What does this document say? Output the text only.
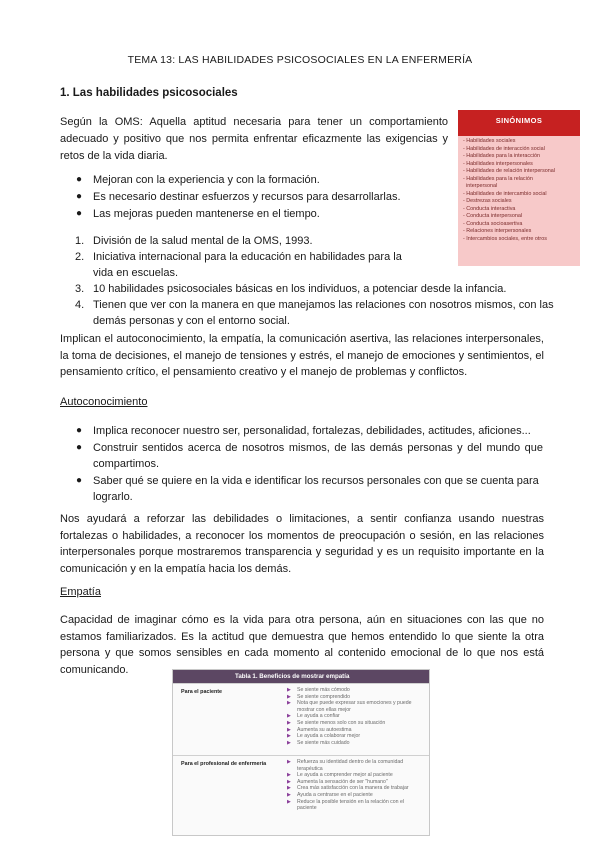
TEMA 13: LAS HABILIDADES PSICOSOCIALES EN LA ENFERMERÍA
1. Las habilidades psicosociales
Según la OMS: Aquella aptitud necesaria para tener un comportamiento adecuado y positivo que nos permita enfrentar eficazmente las exigencias y retos de la vida diaria.
● Mejoran con la experiencia y con la formación.
● Es necesario destinar esfuerzos y recursos para desarrollarlas.
● Las mejoras pueden mantenerse en el tiempo.
1. División de la salud mental de la OMS, 1993.
2. Iniciativa internacional para la educación en habilidades para la vida en escuelas.
3. 10 habilidades psicosociales básicas en los individuos, a potenciar desde la infancia.
4. Tienen que ver con la manera en que manejamos las relaciones con nosotros mismos, con las demás personas y con el entorno social.
Implican el autoconocimiento, la empatía, la comunicación asertiva, las relaciones interpersonales, la toma de decisiones, el manejo de tensiones y estrés, el manejo de emociones y sentimientos, el pensamiento crítico, el pensamiento creativo y el manejo de problemas y conflictos.
Autoconocimiento
● Implica reconocer nuestro ser, personalidad, fortalezas, debilidades, actitudes, aficiones...
● Construir sentidos acerca de nosotros mismos, de las demás personas y del mundo que compartimos.
● Saber qué se quiere en la vida e identificar los recursos personales con que se cuenta para lograrlo.
Nos ayudará a reforzar las debilidades o limitaciones, a sentir confianza usando nuestras fortalezas o habilidades, a reconocer los momentos de preocupación o sesión, en las relaciones interpersonales porque mostraremos transparencia y seguridad y es un requisito importante en la comunicación y en la empatía hacia los demás.
Empatía
Capacidad de imaginar cómo es la vida para otra persona, aún en situaciones con las que no estamos familiarizados. Es la actitud que demuestra que hemos entendido lo que siente la otra persona y que somos sensibles en cada momento al contenido emocional de lo que nos está comunicando.
SINÓNIMOS
- Habilidades sociales
- Habilidades de interacción social
- Habilidades para la interacción
- Habilidades interpersonales
- Habilidades de relación interpersonal
- Habilidades para la relación
interpersonal
- Habilidades de intercambio social
- Destrezas sociales
- Conducta interactiva
- Conducta interpersonal
- Conducta socioasertiva
- Relaciones interpersonales
- Intercambios sociales, entre otros
Tabla 1. Beneficios de mostrar empatía
Para el paciente	▶ Se siente más cómodo
▶ Se siente comprendido
▶ Nota que puede expresar sus emociones y puede mostrar con ellas mejor
▶ Le ayuda a confiar
▶ Se siente menos solo con su situación
▶ Aumenta su autoestima
▶ Le ayuda a colaborar mejor
▶ Se siente más cuidado
Para el profesional de enfermería	▶ Refuerza su identidad dentro de la comunidad terapéutica
▶ Le ayuda a comprender mejor al paciente
▶ Aumenta la sensación de ser "humano"
▶ Crea más satisfacción con la manera de trabajar
▶ Ayuda a centrarse en el paciente
▶ Reduce la posible tensión en la relación con el paciente
